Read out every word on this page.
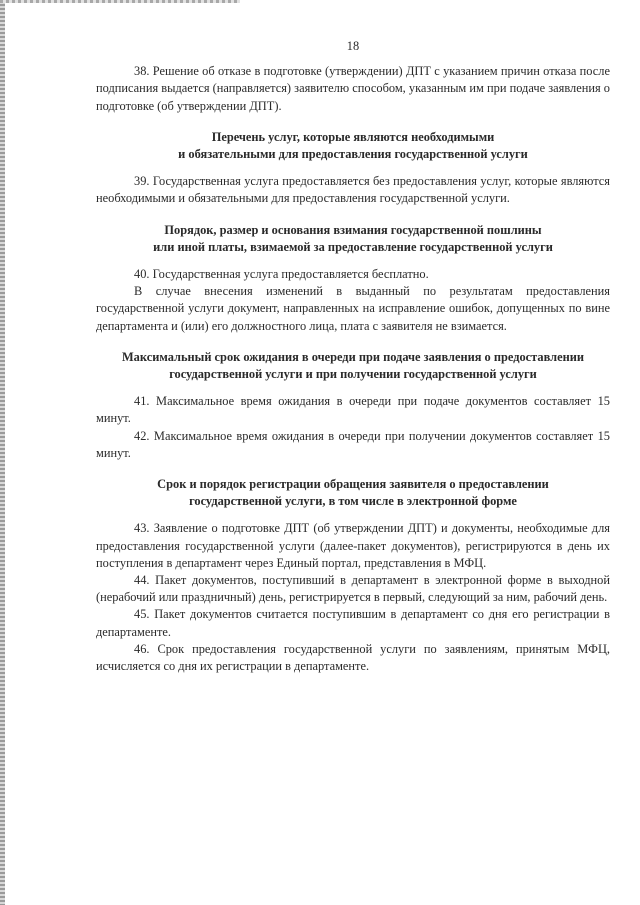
18

38. Решение об отказе в подготовке (утверждении) ДПТ с указанием причин отказа после подписания выдается (направляется) заявителю способом, указанным им при подаче заявления о подготовке (об утверждении ДПТ).

Перечень услуг, которые являются необходимыми

и обязательными для предоставления государственной услуги

39. Государственная услуга предоставляется без предоставления услуг, которые являются необходимыми и обязательными для предоставления государственной услуги.

Порядок, размер и основания взимания государственной пошлины

или иной платы, взимаемой за предоставление государственной услуги

40. Государственная услуга предоставляется бесплатно.

В случае внесения изменений в выданный по результатам предоставления государственной услуги документ, направленных на исправление ошибок, допущенных по вине департамента и (или) его должностного лица, плата с заявителя не взимается.

Максимальный срок ожидания в очереди при подаче заявления о предоставлении государственной услуги и при получении государственной услуги

41. Максимальное время ожидания в очереди при подаче документов составляет 15 минут.

42. Максимальное время ожидания в очереди при получении документов составляет 15 минут.

Срок и порядок регистрации обращения заявителя о предоставлении

государственной услуги, в том числе в электронной форме

43. Заявление о подготовке ДПТ (об утверждении ДПТ) и документы, необходимые для предоставления государственной услуги (далее-пакет документов), регистрируются в день их поступления в департамент через Единый портал, представления в МФЦ.

44. Пакет документов, поступивший в департамент в электронной форме в выходной (нерабочий или праздничный) день, регистрируется в первый, следующий за ним, рабочий день.

45. Пакет документов считается поступившим в департамент со дня его регистрации в департаменте.

46. Срок предоставления государственной услуги по заявлениям, принятым МФЦ, исчисляется со дня их регистрации в департаменте.
